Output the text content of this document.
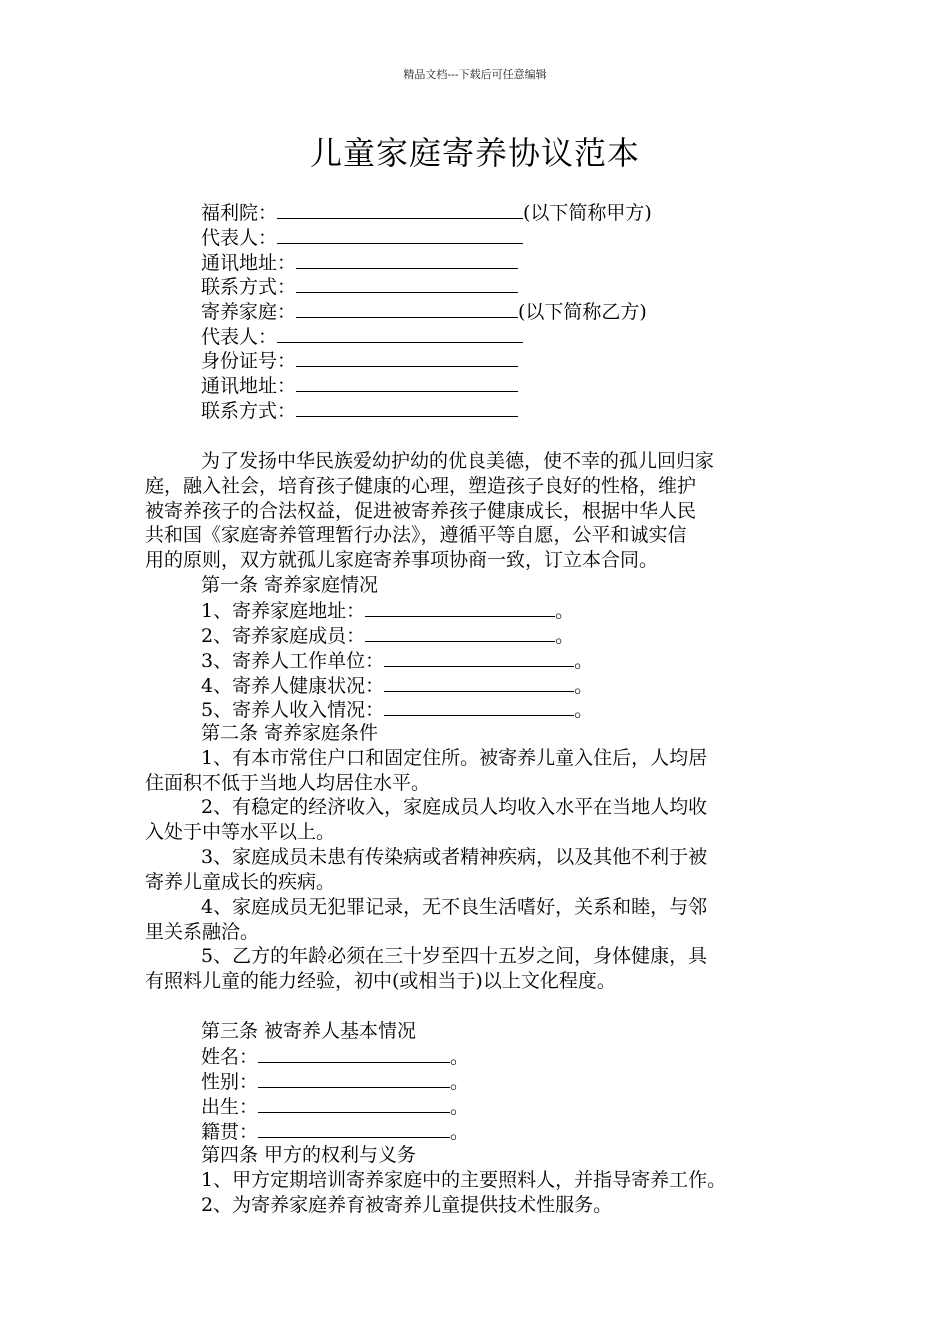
精品文档---下载后可任意编辑
儿童家庭寄养协议范本
福利院：	(以下简称甲方)
代表人：
通讯地址：
联系方式：
寄养家庭：	(以下简称乙方)
代表人：
身份证号：
通讯地址：
联系方式：
为了发扬中华民族爱幼护幼的优良美德，使不幸的孤儿回归家
庭，融入社会，培育孩子健康的心理，塑造孩子良好的性格，维护
被寄养孩子的合法权益，促进被寄养孩子健康成长，根据中华人民
共和国《家庭寄养管理暂行办法》，遵循平等自愿，公平和诚实信
用的原则，双方就孤儿家庭寄养事项协商一致，订立本合同。
第一条 寄养家庭情况
1、寄养家庭地址：	。
2、寄养家庭成员：	。
3、寄养人工作单位：	。
4、寄养人健康状况：	。
5、寄养人收入情况：	。
第二条 寄养家庭条件
1、有本市常住户口和固定住所。被寄养儿童入住后，人均居
住面积不低于当地人均居住水平。
2、有稳定的经济收入，家庭成员人均收入水平在当地人均收
入处于中等水平以上。
3、家庭成员未患有传染病或者精神疾病，以及其他不利于被
寄养儿童成长的疾病。
4、家庭成员无犯罪记录，无不良生活嗜好，关系和睦，与邻
里关系融洽。
5、乙方的年龄必须在三十岁至四十五岁之间，身体健康，具
有照料儿童的能力经验，初中(或相当于)以上文化程度。
第三条 被寄养人基本情况
姓名：	。
性别：	。
出生：	。
籍贯：	。
第四条 甲方的权利与义务
1、甲方定期培训寄养家庭中的主要照料人，并指导寄养工作。
2、为寄养家庭养育被寄养儿童提供技术性服务。
